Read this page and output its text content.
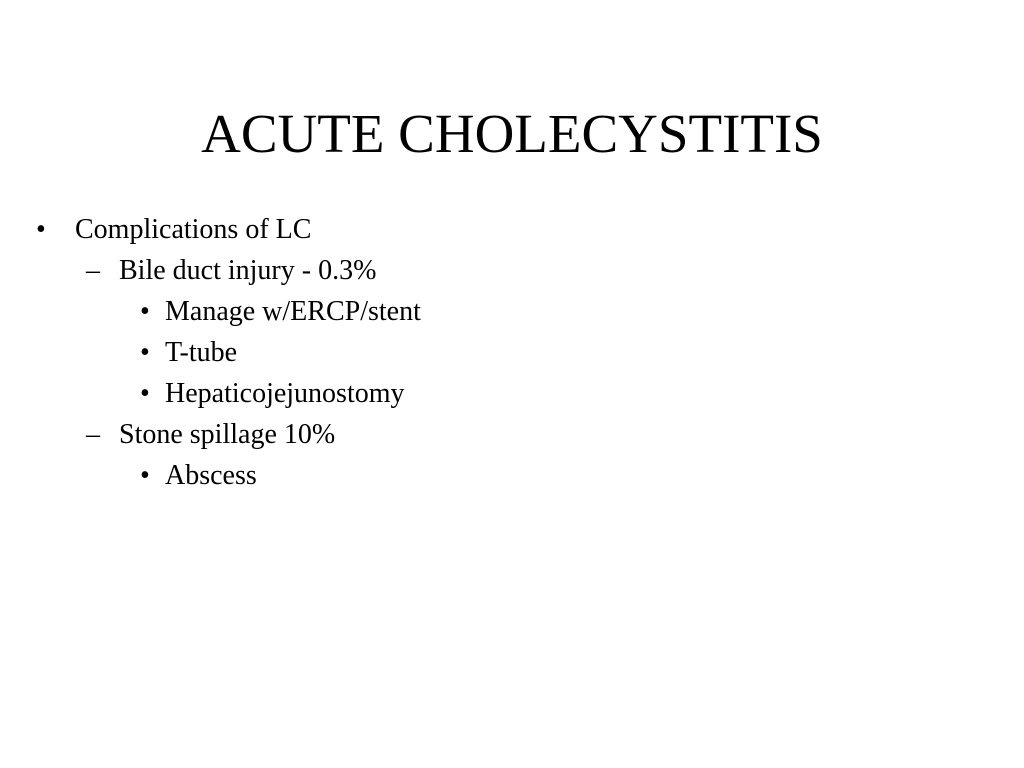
ACUTE CHOLECYSTITIS
• Complications of LC
– Bile duct injury - 0.3%
• Manage w/ERCP/stent
• T-tube
• Hepaticojejunostomy
– Stone spillage 10%
• Abscess
